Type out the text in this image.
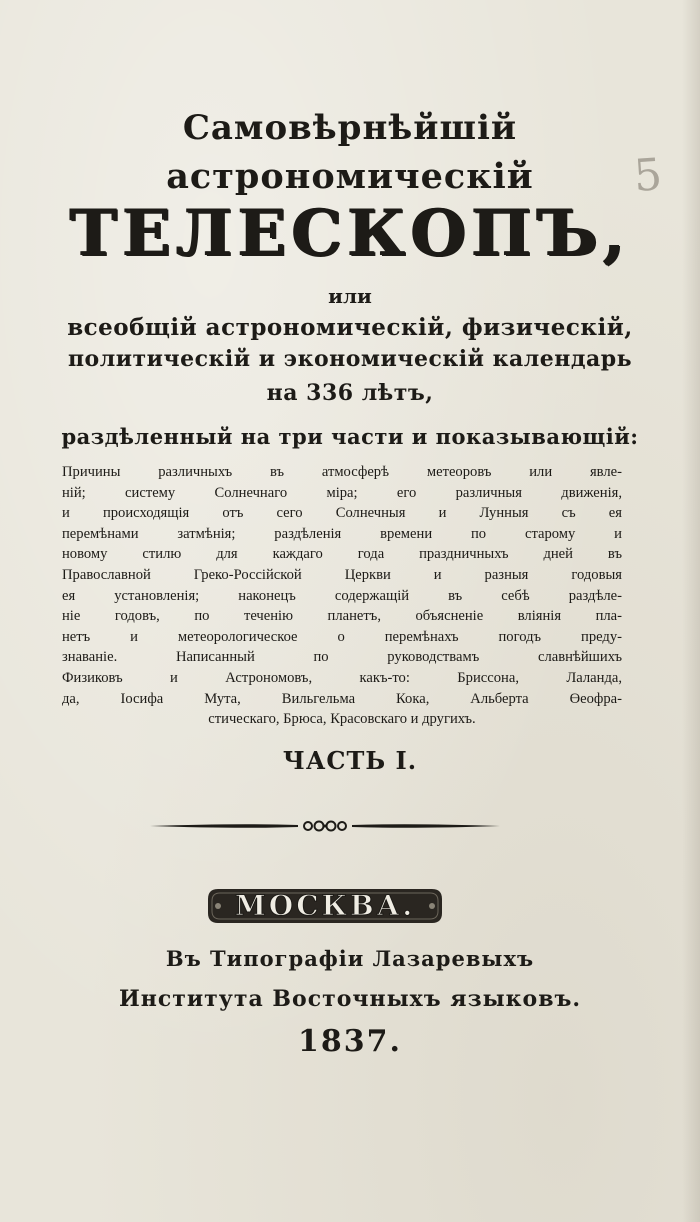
5
Самовѣрнѣйшій
астрономическій
ТЕЛЕСКОПЪ,
или
всеобщій астрономическій, физическій,
политическій и экономическій календарь
на 336 лѣтъ,
раздѣленный на три части и показывающій:
Причины различныхъ въ атмосферѣ метеоровъ или явле-
ній; систему Солнечнаго міра; его различныя движенія,
и происходящія отъ сего Солнечныя и Лунныя съ ея
перемѣнами затмѣнія; раздѣленія времени по старому и
новому стилю для каждаго года праздничныхъ дней въ
Православной Греко-Россійской Церкви и разныя годовыя
ея установленія; наконецъ содержащій въ себѣ раздѣле-
ніе годовъ, по теченію планетъ, объясненіе вліянія пла-
нетъ и метеорологическое о перемѣнахъ погодъ преду-
знаваніе. Написанный по руководствамъ славнѣйшихъ
Физиковъ и Астрономовъ, какъ-то: Бриссона, Лаланда,
да, Іосифа Мута, Вильгельма Кока, Альберта Өеофра-
стическаго, Брюса, Красовскаго и другихъ.
ЧАСТЬ I.
МОСКВА.
Въ Типографіи Лазаревыхъ
Института Восточныхъ языковъ.
1837.
